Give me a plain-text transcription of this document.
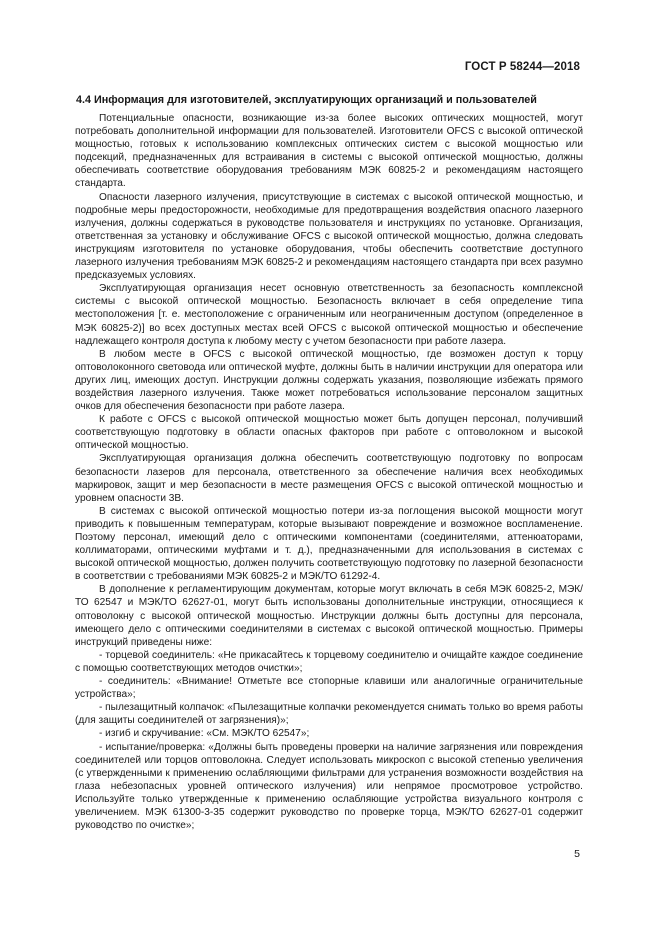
ГОСТ Р 58244—2018
4.4 Информация для изготовителей, эксплуатирующих организаций и пользователей

Потенциальные опасности, возникающие из-за более высоких оптических мощностей, могут потребовать дополнительной информации для пользователей. Изготовители OFCS с высокой оптической мощностью, готовых к использованию комплексных оптических систем с высокой мощностью или подсекций, предназначенных для встраивания в системы с высокой оптической мощностью, должны обеспечивать соответствие оборудования требованиям МЭК 60825-2 и рекомендациям настоящего стандарта.

Опасности лазерного излучения, присутствующие в системах с высокой оптической мощностью, и подробные меры предосторожности, необходимые для предотвращения воздействия опасного лазерного излучения, должны содержаться в руководстве пользователя и инструкциях по установке. Организация, ответственная за установку и обслуживание OFCS с высокой оптической мощностью, должна следовать инструкциям изготовителя по установке оборудования, чтобы обеспечить соответствие доступного лазерного излучения требованиям МЭК 60825-2 и рекомендациям настоящего стандарта при всех разумно предсказуемых условиях.

Эксплуатирующая организация несет основную ответственность за безопасность комплексной системы с высокой оптической мощностью. Безопасность включает в себя определение типа местоположения [т. е. местоположение с ограниченным или неограниченным доступом (определенное в МЭК 60825-2)] во всех доступных местах всей OFCS с высокой оптической мощностью и обеспечение надлежащего контроля доступа к любому месту с учетом безопасности при работе лазера.

В любом месте в OFCS с высокой оптической мощностью, где возможен доступ к торцу оптоволоконного световода или оптической муфте, должны быть в наличии инструкции для оператора или других лиц, имеющих доступ. Инструкции должны содержать указания, позволяющие избежать прямого воздействия лазерного излучения. Также может потребоваться использование персоналом защитных очков для обеспечения безопасности при работе лазера.

К работе с OFCS с высокой оптической мощностью может быть допущен персонал, получивший соответствующую подготовку в области опасных факторов при работе с оптоволокном и высокой оптической мощностью.

Эксплуатирующая организация должна обеспечить соответствующую подготовку по вопросам безопасности лазеров для персонала, ответственного за обеспечение наличия всех необходимых маркировок, защит и мер безопасности в месте размещения OFCS с высокой оптической мощностью и уровнем опасности 3B.

В системах с высокой оптической мощностью потери из-за поглощения высокой мощности могут приводить к повышенным температурам, которые вызывают повреждение и возможное воспламенение. Поэтому персонал, имеющий дело с оптическими компонентами (соединителями, аттенюаторами, коллиматорами, оптическими муфтами и т. д.), предназначенными для использования в системах с высокой оптической мощностью, должен получить соответствующую подготовку по лазерной безопасности в соответствии с требованиями МЭК 60825-2 и МЭК/ТО 61292-4.

В дополнение к регламентирующим документам, которые могут включать в себя МЭК 60825-2, МЭК/ТО 62547 и МЭК/ТО 62627-01, могут быть использованы дополнительные инструкции, относящиеся к оптоволокну с высокой оптической мощностью. Инструкции должны быть доступны для персонала, имеющего дело с оптическими соединителями в системах с высокой оптической мощностью. Примеры инструкций приведены ниже:

- торцевой соединитель: «Не прикасайтесь к торцевому соединителю и очищайте каждое соединение с помощью соответствующих методов очистки»;

- соединитель: «Внимание! Отметьте все стопорные клавиши или аналогичные ограничительные устройства»;

- пылезащитный колпачок: «Пылезащитные колпачки рекомендуется снимать только во время работы (для защиты соединителей от загрязнения)»;

- изгиб и скручивание: «См. МЭК/ТО 62547»;

- испытание/проверка: «Должны быть проведены проверки на наличие загрязнения или повреждения соединителей или торцов оптоволокна. Следует использовать микроскоп с высокой степенью увеличения (с утвержденными к применению ослабляющими фильтрами для устранения возможности воздействия на глаза небезопасных уровней оптического излучения) или непрямое просмотровое устройство. Используйте только утвержденные к применению ослабляющие устройства визуального контроля с увеличением. МЭК 61300-3-35 содержит руководство по проверке торца, МЭК/ТО 62627-01 содержит руководство по очистке»;

5
